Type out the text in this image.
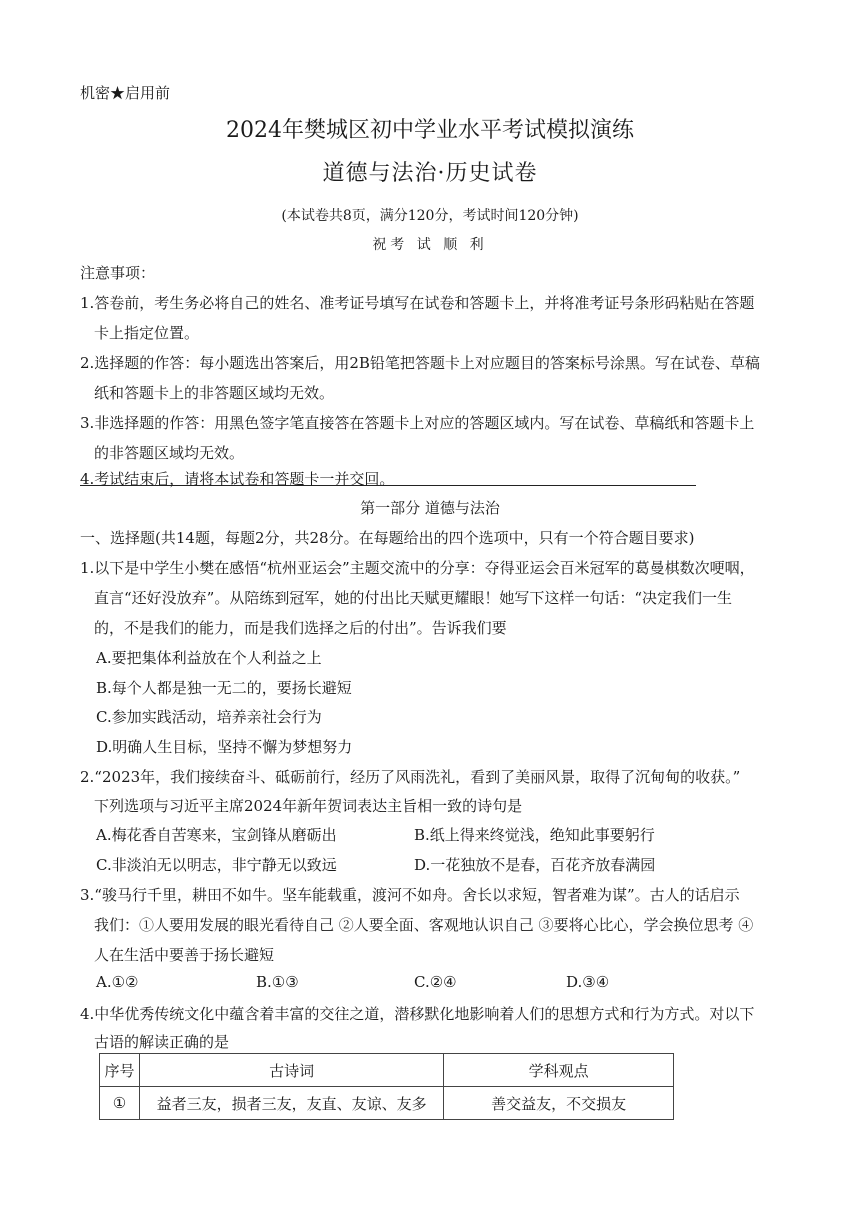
机密★启用前
2024年樊城区初中学业水平考试模拟演练
道德与法治·历史试卷
(本试卷共8页，满分120分，考试时间120分钟)
祝考 试 顺 利
注意事项：
1.答卷前，考生务必将自己的姓名、准考证号填写在试卷和答题卡上，并将准考证号条形码粘贴在答题
卡上指定位置。
2.选择题的作答：每小题选出答案后，用2B铅笔把答题卡上对应题目的答案标号涂黑。写在试卷、草稿
纸和答题卡上的非答题区域均无效。
3.非选择题的作答：用黑色签字笔直接答在答题卡上对应的答题区域内。写在试卷、草稿纸和答题卡上
的非答题区域均无效。
4.考试结束后，请将本试卷和答题卡一并交回。
第一部分 道德与法治
一、选择题(共14题，每题2分，共28分。在每题给出的四个选项中，只有一个符合题目要求)
1.以下是中学生小樊在感悟“杭州亚运会”主题交流中的分享：夺得亚运会百米冠军的葛曼棋数次哽咽，
直言“还好没放弃”。从陪练到冠军，她的付出比天赋更耀眼！她写下这样一句话：“决定我们一生
的，不是我们的能力，而是我们选择之后的付出”。告诉我们要
A.要把集体利益放在个人利益之上
B.每个人都是独一无二的，要扬长避短
C.参加实践活动，培养亲社会行为
D.明确人生目标，坚持不懈为梦想努力
2.“2023年，我们接续奋斗、砥砺前行，经历了风雨洗礼，看到了美丽风景，取得了沉甸甸的收获。”
下列选项与习近平主席2024年新年贺词表达主旨相一致的诗句是
A.梅花香自苦寒来，宝剑锋从磨砺出	B.纸上得来终觉浅，绝知此事要躬行
C.非淡泊无以明志，非宁静无以致远	D.一花独放不是春，百花齐放春满园
3.“骏马行千里，耕田不如牛。坚车能载重，渡河不如舟。舍长以求短，智者难为谋”。古人的话启示
我们：①人要用发展的眼光看待自己 ②人要全面、客观地认识自己 ③要将心比心，学会换位思考 ④
人在生活中要善于扬长避短
A.①②	B.①③	C.②④	D.③④
4.中华优秀传统文化中蕴含着丰富的交往之道，潜移默化地影响着人们的思想方式和行为方式。对以下
古语的解读正确的是
序号	古诗词	学科观点
①	益者三友，损者三友，友直、友谅、友多	善交益友，不交损友
